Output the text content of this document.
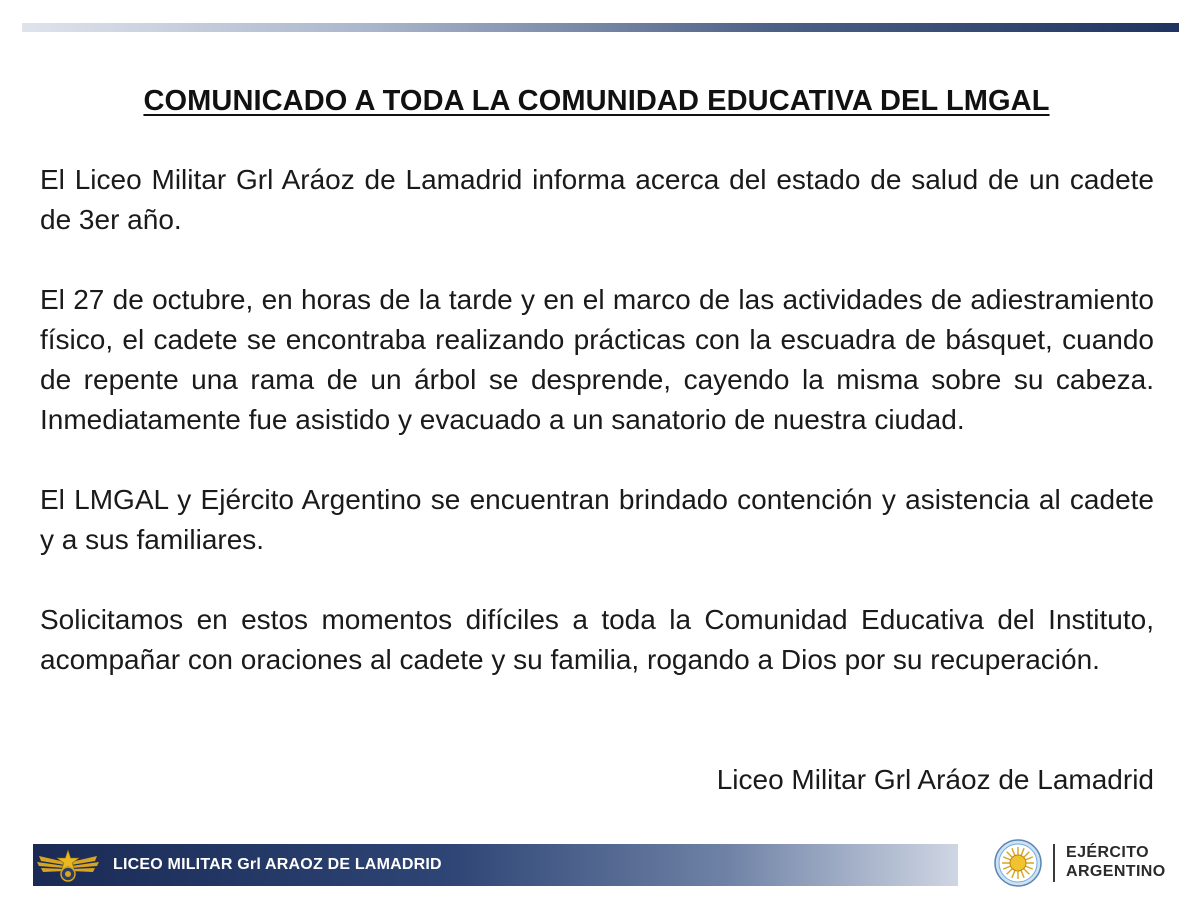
COMUNICADO A TODA LA COMUNIDAD EDUCATIVA DEL LMGAL

El Liceo Militar Grl Aráoz de Lamadrid informa acerca del estado de salud de un cadete de 3er año.

El 27 de octubre, en horas de la tarde y en el marco de las actividades de adiestramiento físico, el cadete se encontraba realizando prácticas con la escuadra de básquet, cuando de repente una rama de un árbol se desprende, cayendo la misma sobre su cabeza. Inmediatamente fue asistido y evacuado a un sanatorio de nuestra ciudad.

El LMGAL y Ejército Argentino se encuentran brindado contención y asistencia al cadete y a sus familiares.

Solicitamos en estos momentos difíciles a toda la Comunidad Educativa del Instituto, acompañar con oraciones al cadete y su familia, rogando a Dios por su recuperación.

Liceo Militar Grl Aráoz de Lamadrid
LICEO MILITAR Grl ARAOZ DE LAMADRID
EJÉRCITO
ARGENTINO
